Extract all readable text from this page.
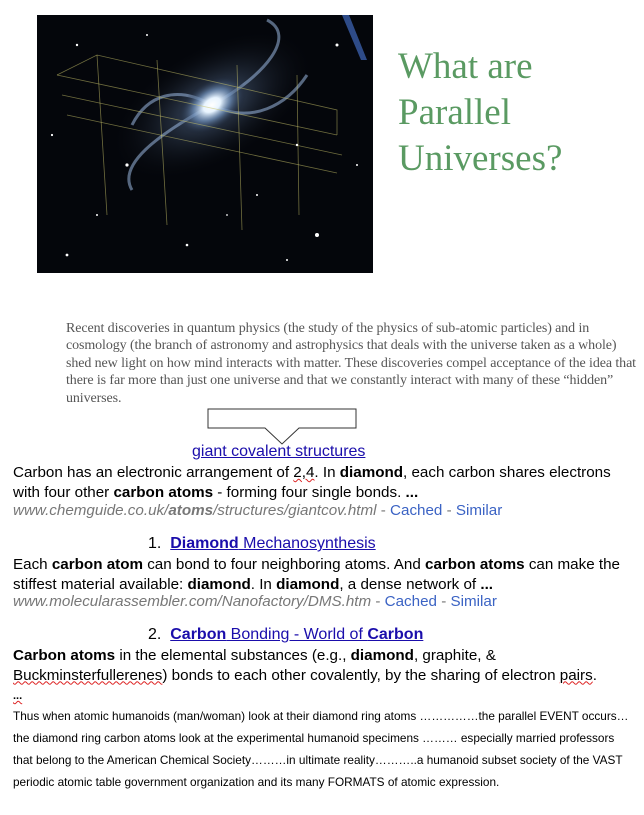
What are
Parallel
Universes?
Recent discoveries in quantum physics (the study of the physics of sub-atomic particles) and in cosmology (the branch of astronomy and astrophysics that deals with the universe taken as a whole) shed new light on how mind interacts with matter. These discoveries compel acceptance of the idea that there is far more than just one universe and that we constantly interact with many of these “hidden” universes.
giant covalent structures
Carbon has an electronic arrangement of 2,4. In diamond, each carbon shares electrons with four other carbon atoms - forming four single bonds. ...
www.chemguide.co.uk/atoms/structures/giantcov.html - Cached - Similar
1. Diamond Mechanosynthesis
Each carbon atom can bond to four neighboring atoms. And carbon atoms can make the stiffest material available: diamond. In diamond, a dense network of ...
www.molecularassembler.com/Nanofactory/DMS.htm - Cached - Similar
2. Carbon Bonding - World of Carbon
Carbon atoms in the elemental substances (e.g., diamond, graphite, & Buckminsterfullerenes) bonds to each other covalently, by the sharing of electron pairs.
...
Thus when atomic humanoids (man/woman) look at their diamond ring atoms ……………the parallel EVENT occurs…the diamond ring carbon atoms look at the experimental humanoid specimens ……… especially married professors that belong to the American Chemical Society………in ultimate reality………..a humanoid subset society of the VAST periodic atomic table government organization and its many FORMATS of atomic expression.
